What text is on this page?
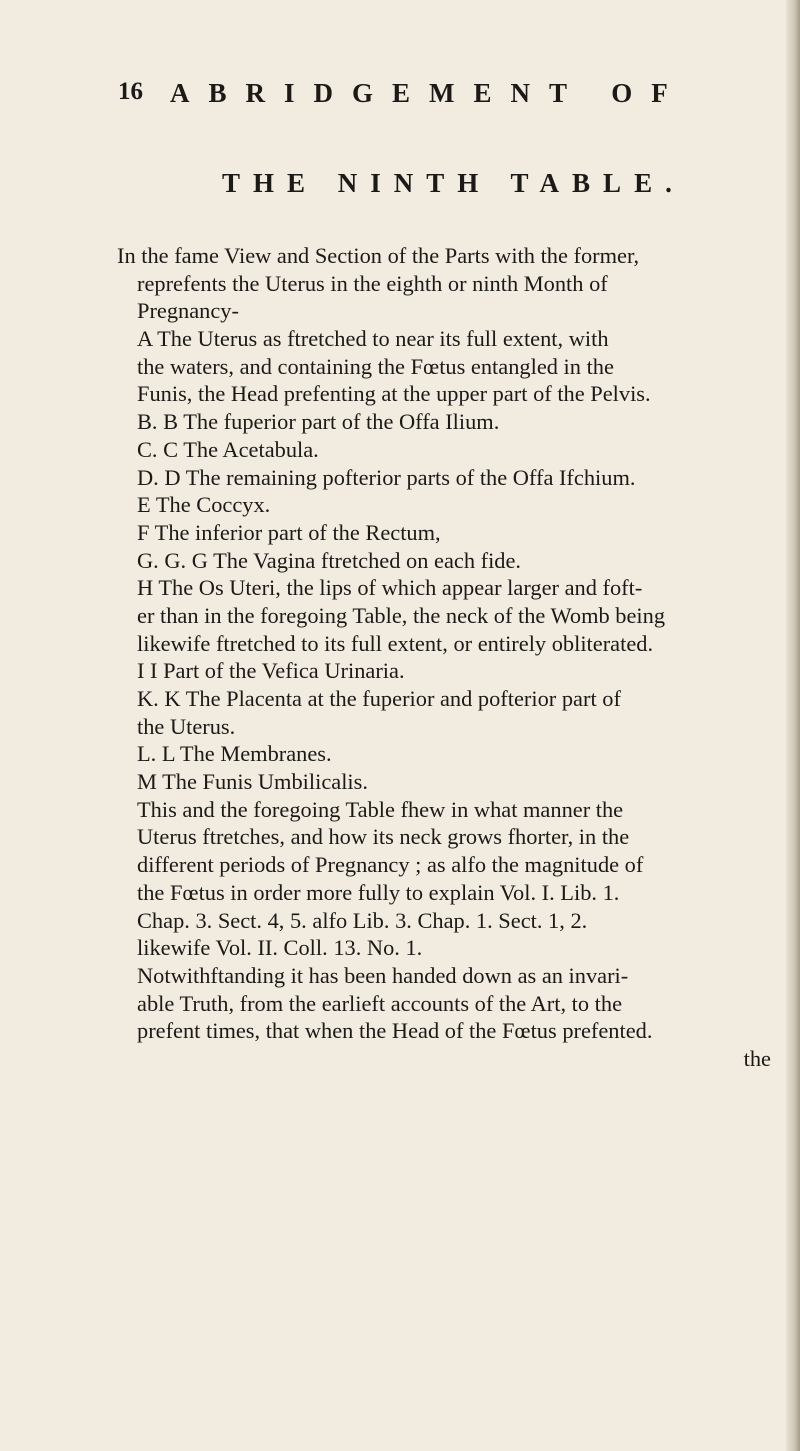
16 ABRIDGEMENT OF
THE NINTH TABLE.
In the fame View and Section of the Parts with the former,
reprefents the Uterus in the eighth or ninth Month of
Pregnancy-
A The Uterus as ftretched to near its full extent, with
the waters, and containing the Fœtus entangled in the
Funis, the Head prefenting at the upper part of the Pelvis.
B. B The fuperior part of the Offa Ilium.
C. C The Acetabula.
D. D The remaining pofterior parts of the Offa Ifchium.
E The Coccyx.
F The inferior part of the Rectum,
G. G. G The Vagina ftretched on each fide.
H The Os Uteri, the lips of which appear larger and foft-
er than in the foregoing Table, the neck of the Womb being
likewife ftretched to its full extent, or entirely obliterated.
I I Part of the Vefica Urinaria.
K. K The Placenta at the fuperior and pofterior part of
the Uterus.
L. L The Membranes.
M The Funis Umbilicalis.
This and the foregoing Table fhew in what manner the
Uterus ftretches, and how its neck grows fhorter, in the
different periods of Pregnancy ; as alfo the magnitude of
the Fœtus in order more fully to explain Vol. I. Lib. 1.
Chap. 3. Sect. 4, 5. alfo Lib. 3. Chap. 1. Sect. 1, 2.
likewife Vol. II. Coll. 13. No. 1.
Notwithftanding it has been handed down as an invari-
able Truth, from the earlieft accounts of the Art, to the
prefent times, that when the Head of the Fœtus prefented.
the
